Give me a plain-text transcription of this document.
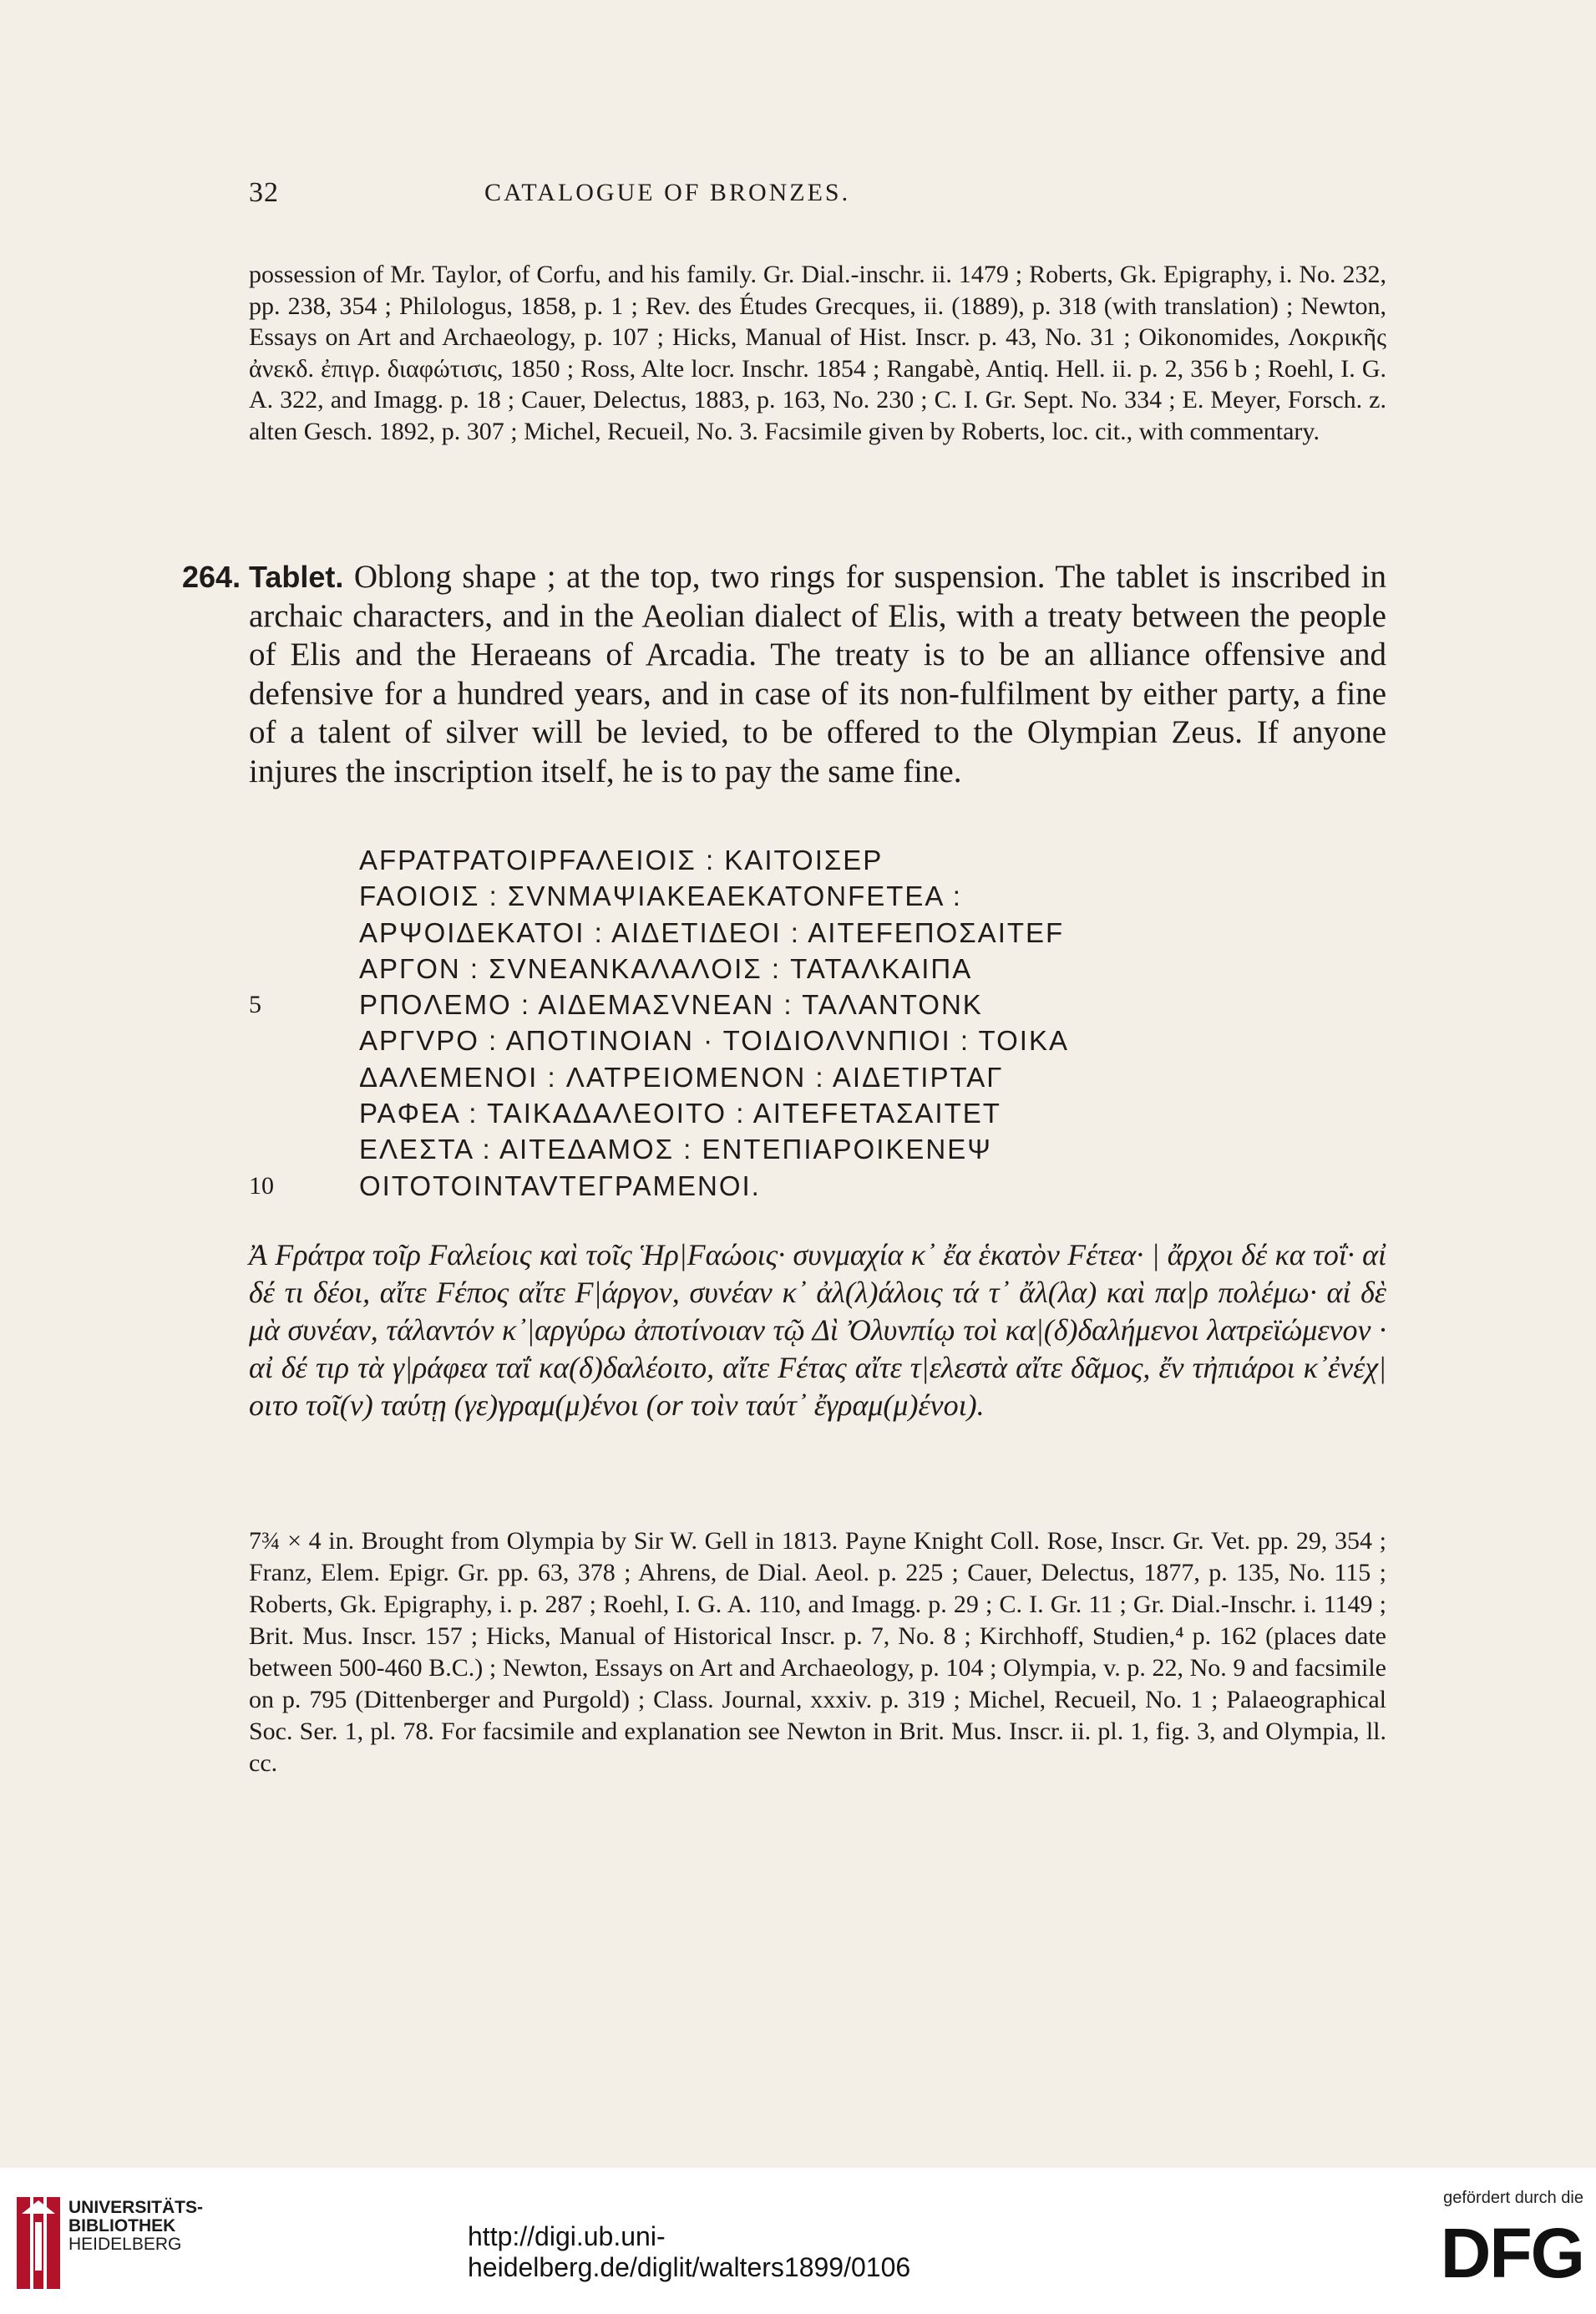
32	CATALOGUE OF BRONZES.
possession of Mr. Taylor, of Corfu, and his family. Gr. Dial.-inschr. ii. 1479 ; Roberts, Gk. Epigraphy, i. No. 232, pp. 238, 354 ; Philologus, 1858, p. 1 ; Rev. des Études Grecques, ii. (1889), p. 318 (with translation) ; Newton, Essays on Art and Archaeology, p. 107 ; Hicks, Manual of Hist. Inscr. p. 43, No. 31 ; Oikonomides, Λοκρικῆς ἀνεκδ. ἐπιγρ. διαφώτισις, 1850 ; Ross, Alte locr. Inschr. 1854 ; Rangabè, Antiq. Hell. ii. p. 2, 356 b ; Roehl, I. G. A. 322, and Imagg. p. 18 ; Cauer, Delectus, 1883, p. 163, No. 230 ; C. I. Gr. Sept. No. 334 ; E. Meyer, Forsch. z. alten Gesch. 1892, p. 307 ; Michel, Recueil, No. 3. Facsimile given by Roberts, loc. cit., with commentary.
264. Tablet. Oblong shape ; at the top, two rings for suspension. The tablet is inscribed in archaic characters, and in the Aeolian dialect of Elis, with a treaty between the people of Elis and the Heraeans of Arcadia. The treaty is to be an alliance offensive and defensive for a hundred years, and in case of its non-fulfilment by either party, a fine of a talent of silver will be levied, to be offered to the Olympian Zeus. If anyone injures the inscription itself, he is to pay the same fine.
AFPATPATOIPFAΛEIOIΣ : KAITOIΣEP
FAOIOIΣ : ΣVNMAΨIAKEAEKATONFETEA :
AΡΨOIΔEKATOI : AIΔETIΔEOI : AITEFEΠOΣAITEF
APΓON : ΣVNEANKAΛAΛOIΣ : TATAΛKAIΠA
5	PΠOΛEMO : AIΔEMAΣVNEAN : TAΛANTONK
APΓVPO : AΠOTINOIAN · TOIΔIOΛVNΠIOI : TOIKA
ΔAΛEMENOI : ΛATPEIOMENON : AIΔETIPTAΓ
PAΦEA : TAIKAΔAΛEOITO : AITEFETAΣAITET
EΛEΣTA : AITEΔAMOΣ : ENTEΠIAPOIKENEΨ
10	OITOTOINTAVTEΓPAMENOI.
Ἀ Fράτρα τοῖρ Fαλείοις καὶ τοῖς Ἡρ|Fαώοις· συνμαχία κ᾽ ἔα ἑκατὸν Fέτεα· | ἄρχοι δέ κα τοΐ· αἰ δέ τι δέοι, αἴτε Fέπος αἴτε F|άργον, συνέαν κ᾽ ἀλ(λ)άλοις τά τ᾽ ἄλ(λα) καὶ πα|ρ πολέμω· αἰ δὲ μὰ συνέαν, τάλαντόν κ᾽|αργύρω ἀποτίνοιαν τῷ Δὶ Ὀλυνπίῳ τοὶ κα|(δ)δαλήμενοι λατρεϊώμενον · αἰ δέ τιρ τὰ γ|ράφεα ταΐ κα(δ)δαλέοιτο, αἴτε Fέτας αἴτε τ|ελεστὰ αἴτε δᾶμος, ἔν τἠπιάροι κ᾽ἐνέχ|οιτο τοῖ(ν) ταύτῃ (γε)γραμ(μ)ένοι (or τοὶν ταύτ᾽ ἔγραμ(μ)ένοι).
7¾ × 4 in. Brought from Olympia by Sir W. Gell in 1813. Payne Knight Coll. Rose, Inscr. Gr. Vet. pp. 29, 354 ; Franz, Elem. Epigr. Gr. pp. 63, 378 ; Ahrens, de Dial. Aeol. p. 225 ; Cauer, Delectus, 1877, p. 135, No. 115 ; Roberts, Gk. Epigraphy, i. p. 287 ; Roehl, I. G. A. 110, and Imagg. p. 29 ; C. I. Gr. 11 ; Gr. Dial.-Inschr. i. 1149 ; Brit. Mus. Inscr. 157 ; Hicks, Manual of Historical Inscr. p. 7, No. 8 ; Kirchhoff, Studien,⁴ p. 162 (places date between 500-460 B.C.) ; Newton, Essays on Art and Archaeology, p. 104 ; Olympia, v. p. 22, No. 9 and facsimile on p. 795 (Dittenberger and Purgold) ; Class. Journal, xxxiv. p. 319 ; Michel, Recueil, No. 1 ; Palaeographical Soc. Ser. 1, pl. 78. For facsimile and explanation see Newton in Brit. Mus. Inscr. ii. pl. 1, fig. 3, and Olympia, ll. cc.
UNIVERSITÄTS-
BIBLIOTHEK
HEIDELBERG	http://digi.ub.uni-heidelberg.de/diglit/walters1899/0106
gefördert durch die
DFG
